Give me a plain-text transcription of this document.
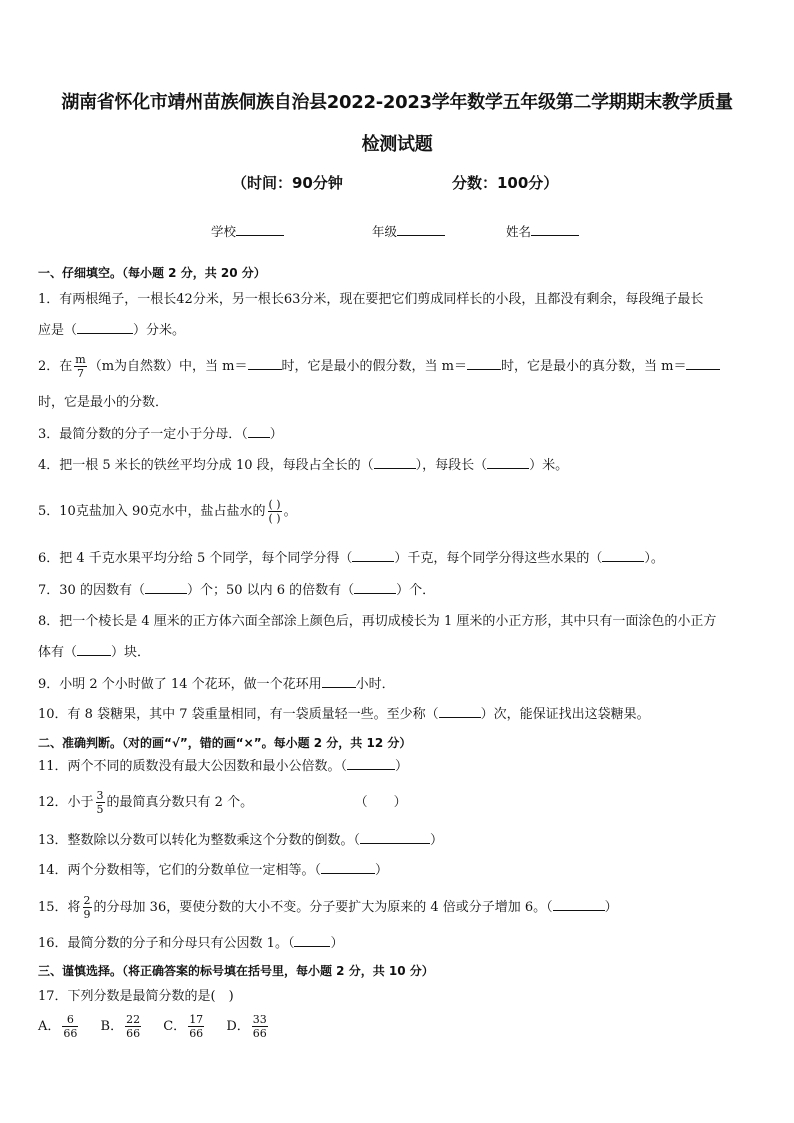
湖南省怀化市靖州苗族侗族自治县2022-2023学年数学五年级第二学期期末教学质量
检测试题
（时间：90分钟	分数：100分）
学校	年级	姓名
一、仔细填空。（每小题 2 分，共 20 分）
1．有两根绳子，一根长42分米，另一根长63分米，现在要把它们剪成同样长的小段，且都没有剩余，每段绳子最长
应是（	）分米。
2．在 $\frac{m}{7} (m$为自然数）中，当 m＝	时，它是最小的假分数，当 m＝	时，它是最小的真分数，当 m＝
时，它是最小的分数．
3．最简分数的分子一定小于分母．（ ）
4．把一根 5 米长的铁丝平均分成 10 段，每段占全长的（	），每段长（	）米。
5．10克盐加入 90克水中，盐占盐水的 $\frac{( )}{( )}$ 。
6．把 4 千克水果平均分给 5 个同学，每个同学分得（	）千克，每个同学分得这些水果的（	）。
7．30 的因数有（	）个；50 以内 6 的倍数有（	）个．
8．把一个棱长是 4 厘米的正方体六面全部涂上颜色后，再切成棱长为 1 厘米的小正方形，其中只有一面涂色的小正方
体有（	）块．
9．小明 2 个小时做了 14 个花环，做一个花环用	小时．
10．有 8 袋糖果，其中 7 袋重量相同，有一袋质量轻一些。至少称（	）次，能保证找出这袋糖果。
二、准确判断。（对的画“√”，错的画“×”。每小题 2 分，共 12 分）
11．两个不同的质数没有最大公因数和最小公倍数。（	）
12．小于 $\frac{3}{5}$ 的最简真分数只有 2 个。	（　　）
13．整数除以分数可以转化为整数乘这个分数的倒数。（	）
14．两个分数相等，它们的分数单位一定相等。（	）
15．将 $\frac{2}{9}$ 的分母加 36，要使分数的大小不变。分子要扩大为原来的 4 倍或分子增加 6。（	）
16．最简分数的分子和分母只有公因数 1。（	）
三、谨慎选择。（将正确答案的标号填在括号里，每小题 2 分，共 10 分）
17．下列分数是最简分数的是(　)
A． $\frac{6}{66}$ B． $\frac{22}{66}$ C． $\frac{17}{66}$ D． $\frac{33}{66}$
